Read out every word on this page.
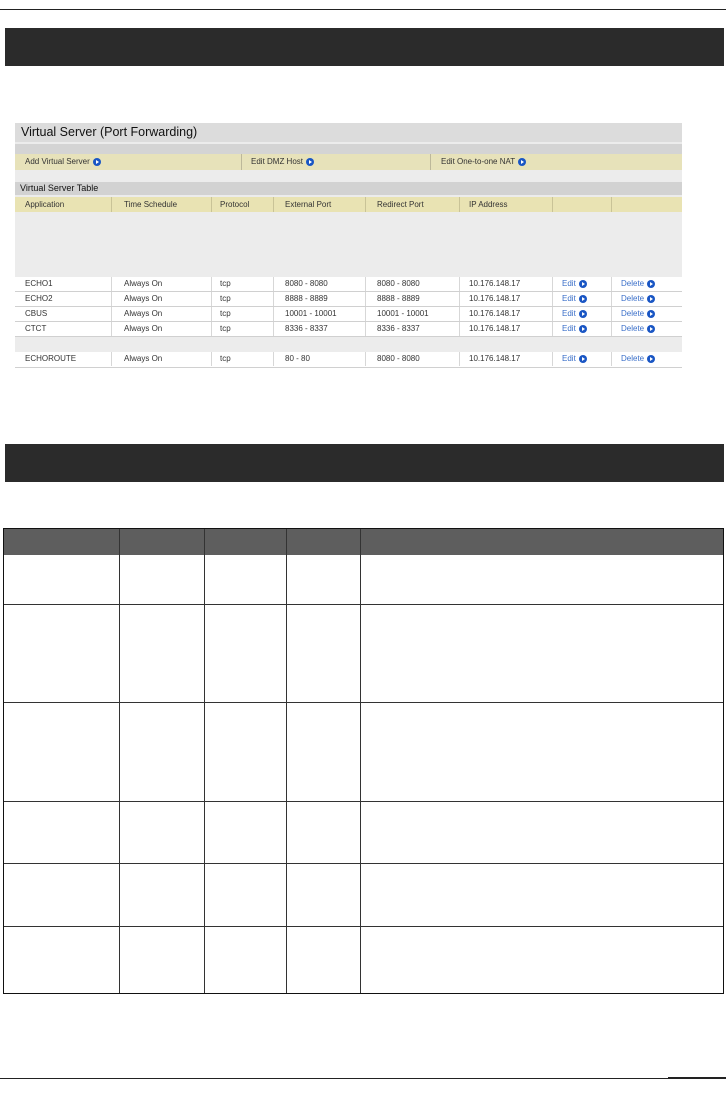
Virtual Server (Port Forwarding)
Add Virtual Server	Edit DMZ Host	Edit One-to-one NAT
Virtual Server Table
Application	Time Schedule	Protocol	External Port	Redirect Port	IP Address
ECHO1	Always On	tcp	8080 - 8080	8080 - 8080	10.176.148.17	Edit	Delete
ECHO2	Always On	tcp	8888 - 8889	8888 - 8889	10.176.148.17	Edit	Delete
CBUS	Always On	tcp	10001 - 10001	10001 - 10001	10.176.148.17	Edit	Delete
CTCT	Always On	tcp	8336 - 8337	8336 - 8337	10.176.148.17	Edit	Delete
ECHOROUTE	Always On	tcp	80 - 80	8080 - 8080	10.176.148.17	Edit	Delete
